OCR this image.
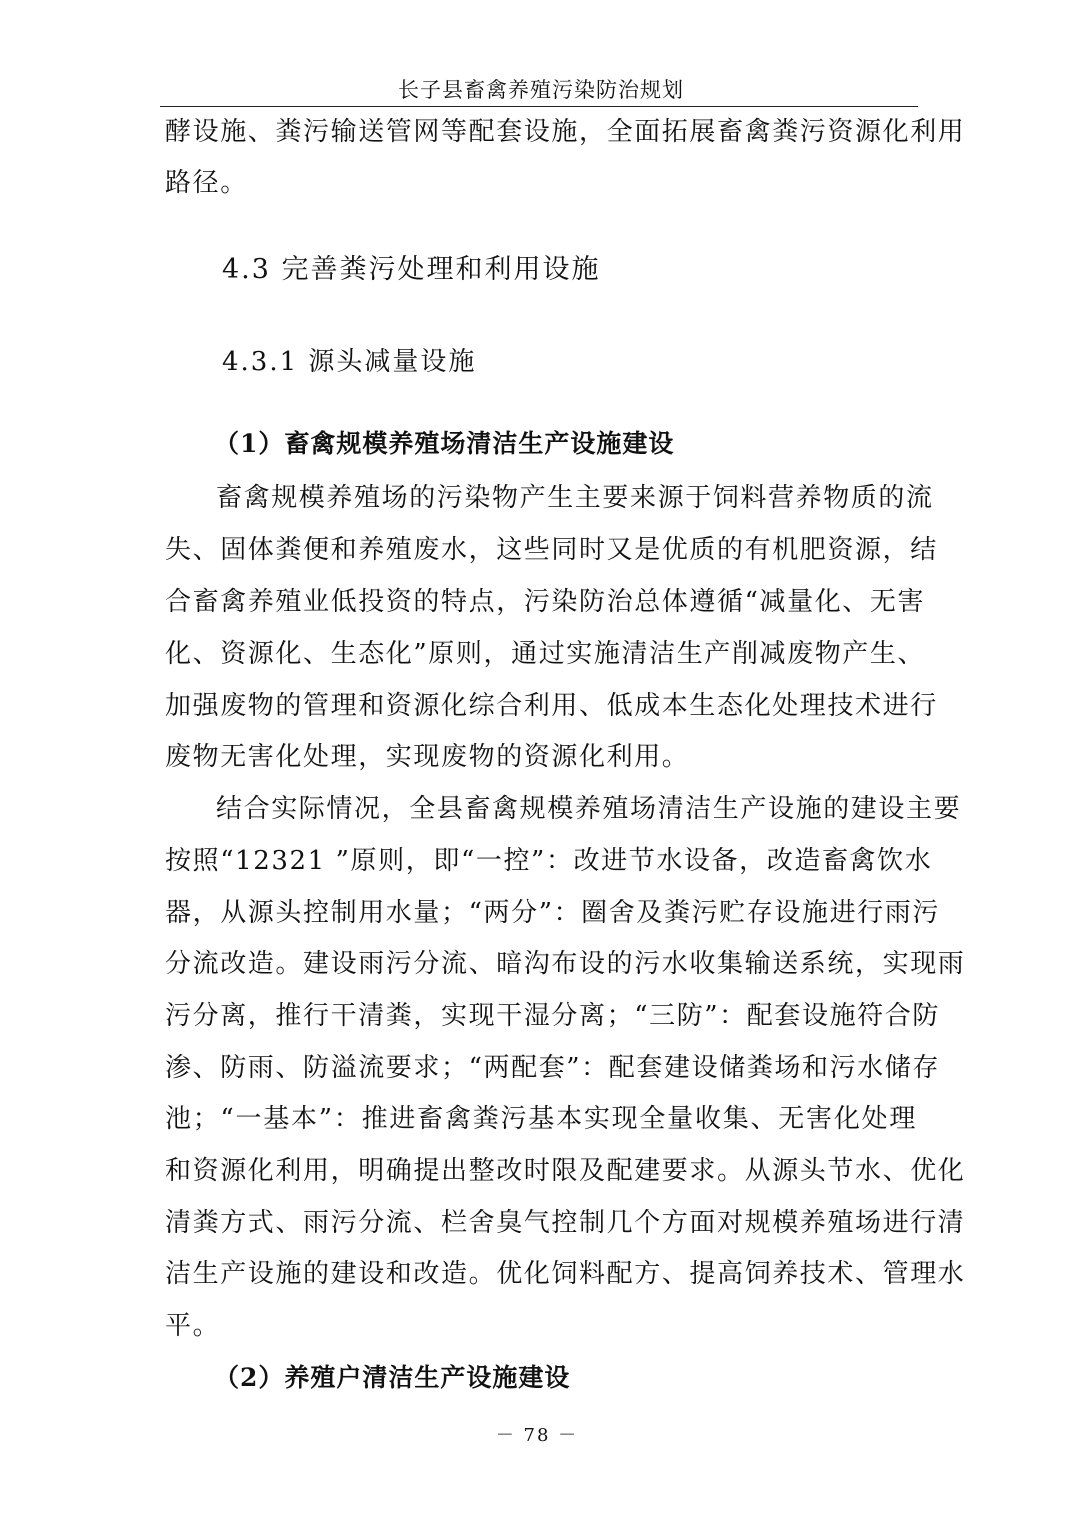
长子县畜禽养殖污染防治规划
酵设施、粪污输送管网等配套设施，全面拓展畜禽粪污资源化利用
路径。
4.3 完善粪污处理和利用设施
4.3.1 源头减量设施
（1）畜禽规模养殖场清洁生产设施建设
畜禽规模养殖场的污染物产生主要来源于饲料营养物质的流
失、固体粪便和养殖废水，这些同时又是优质的有机肥资源，结
合畜禽养殖业低投资的特点，污染防治总体遵循“减量化、无害
化、资源化、生态化”原则，通过实施清洁生产削减废物产生、
加强废物的管理和资源化综合利用、低成本生态化处理技术进行
废物无害化处理，实现废物的资源化利用。
结合实际情况，全县畜禽规模养殖场清洁生产设施的建设主要
按照“12321 ”原则，即“一控”：改进节水设备，改造畜禽饮水
器，从源头控制用水量；“两分”：圈舍及粪污贮存设施进行雨污
分流改造。建设雨污分流、暗沟布设的污水收集输送系统，实现雨
污分离，推行干清粪，实现干湿分离；“三防”：配套设施符合防
渗、防雨、防溢流要求；“两配套”：配套建设储粪场和污水储存
池；“一基本”：推进畜禽粪污基本实现全量收集、无害化处理
和资源化利用，明确提出整改时限及配建要求。从源头节水、优化
清粪方式、雨污分流、栏舍臭气控制几个方面对规模养殖场进行清
洁生产设施的建设和改造。优化饲料配方、提高饲养技术、管理水
平。
（2）养殖户清洁生产设施建设
－ 78 －
